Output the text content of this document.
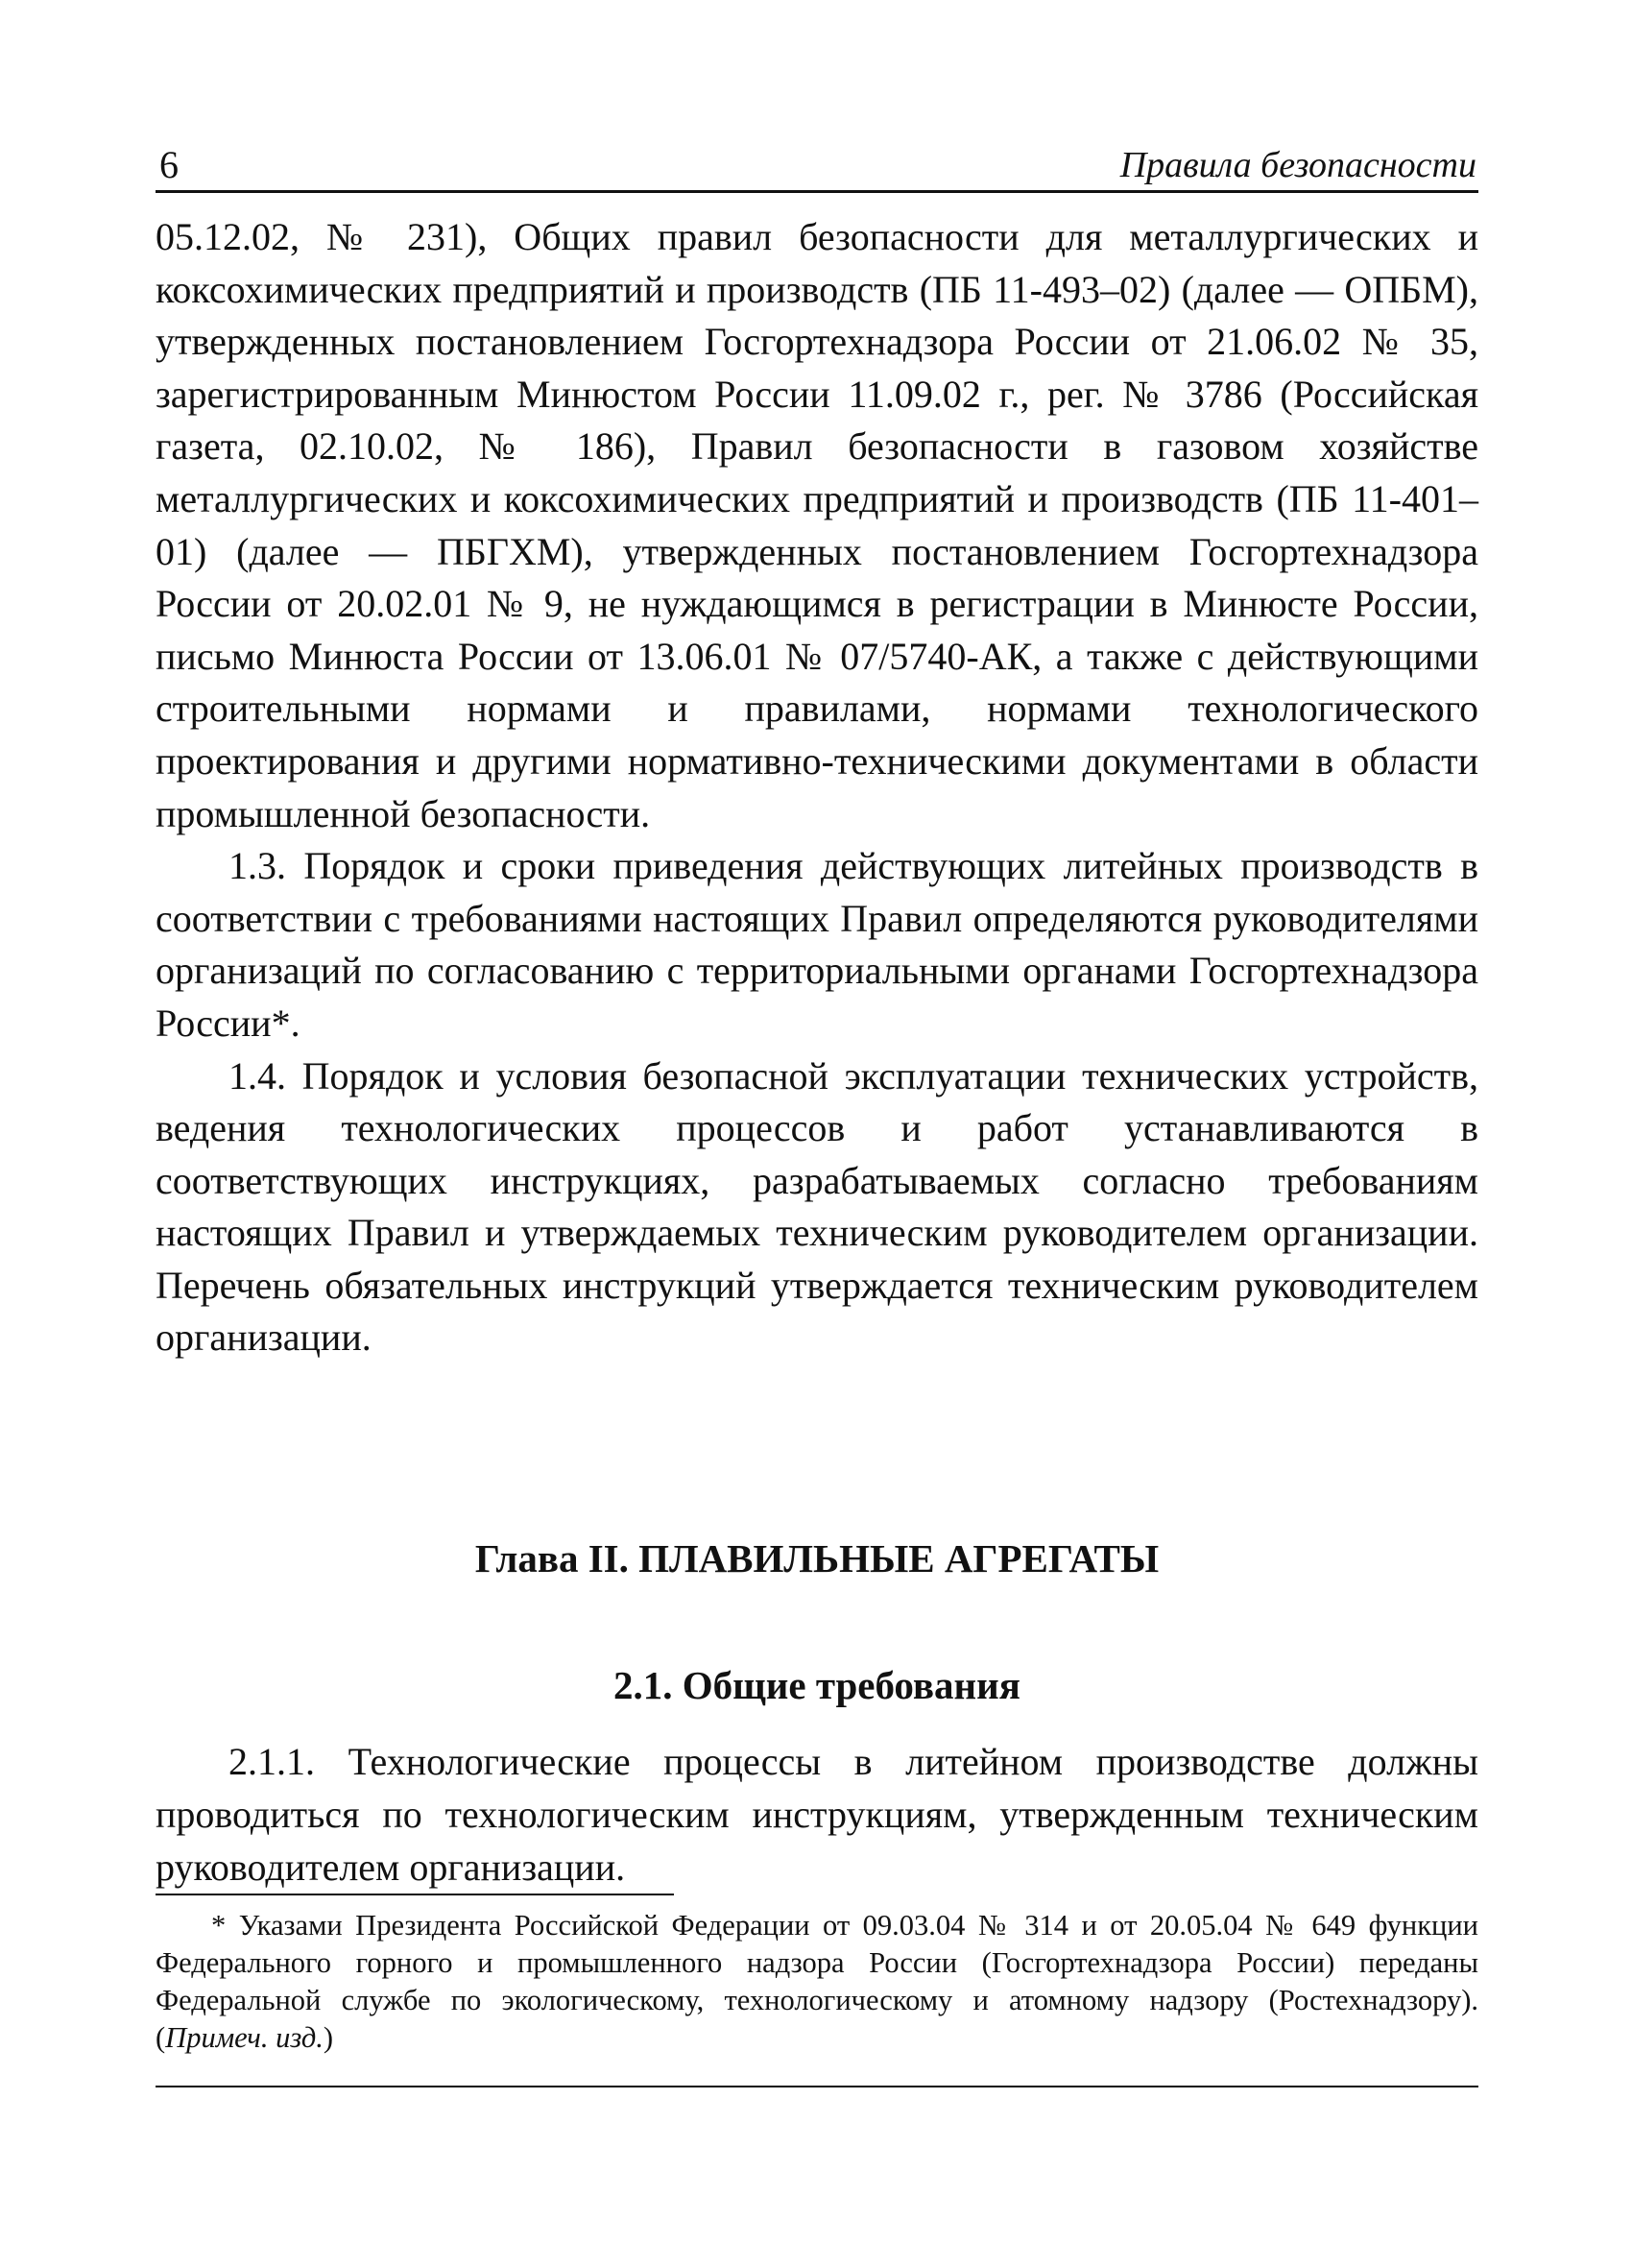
6	Правила безопасности

05.12.02, № 231), Общих правил безопасности для металлургических и коксохимических предприятий и производств (ПБ 11-493–02) (далее — ОПБМ), утвержденных постановлением Госгортехнадзора России от 21.06.02 № 35, зарегистрированным Минюстом России 11.09.02 г., рег. № 3786 (Российская газета, 02.10.02, № 186), Правил безопасности в газовом хозяйстве металлургических и коксохимических предприятий и производств (ПБ 11-401–01) (далее — ПБГХМ), утвержденных постановлением Госгортехнадзора России от 20.02.01 № 9, не нуждающимся в регистрации в Минюсте России, письмо Минюста России от 13.06.01 № 07/5740-АК, а также с действующими строительными нормами и правилами, нормами технологического проектирования и другими нормативно-техническими документами в области промышленной безопасности.

1.3. Порядок и сроки приведения действующих литейных производств в соответствии с требованиями настоящих Правил определяются руководителями организаций по согласованию с территориальными органами Госгортехнадзора России*.

1.4. Порядок и условия безопасной эксплуатации технических устройств, ведения технологических процессов и работ устанавливаются в соответствующих инструкциях, разрабатываемых согласно требованиям настоящих Правил и утверждаемых техническим руководителем организации. Перечень обязательных инструкций утверждается техническим руководителем организации.

Глава II. ПЛАВИЛЬНЫЕ АГРЕГАТЫ
2.1. Общие требования

2.1.1. Технологические процессы в литейном производстве должны проводиться по технологическим инструкциям, утвержденным техническим руководителем организации.

* Указами Президента Российской Федерации от 09.03.04 № 314 и от 20.05.04 № 649 функции Федерального горного и промышленного надзора России (Госгортехнадзора России) переданы Федеральной службе по экологическому, технологическому и атомному надзору (Ростехнадзору). (Примеч. изд.)
